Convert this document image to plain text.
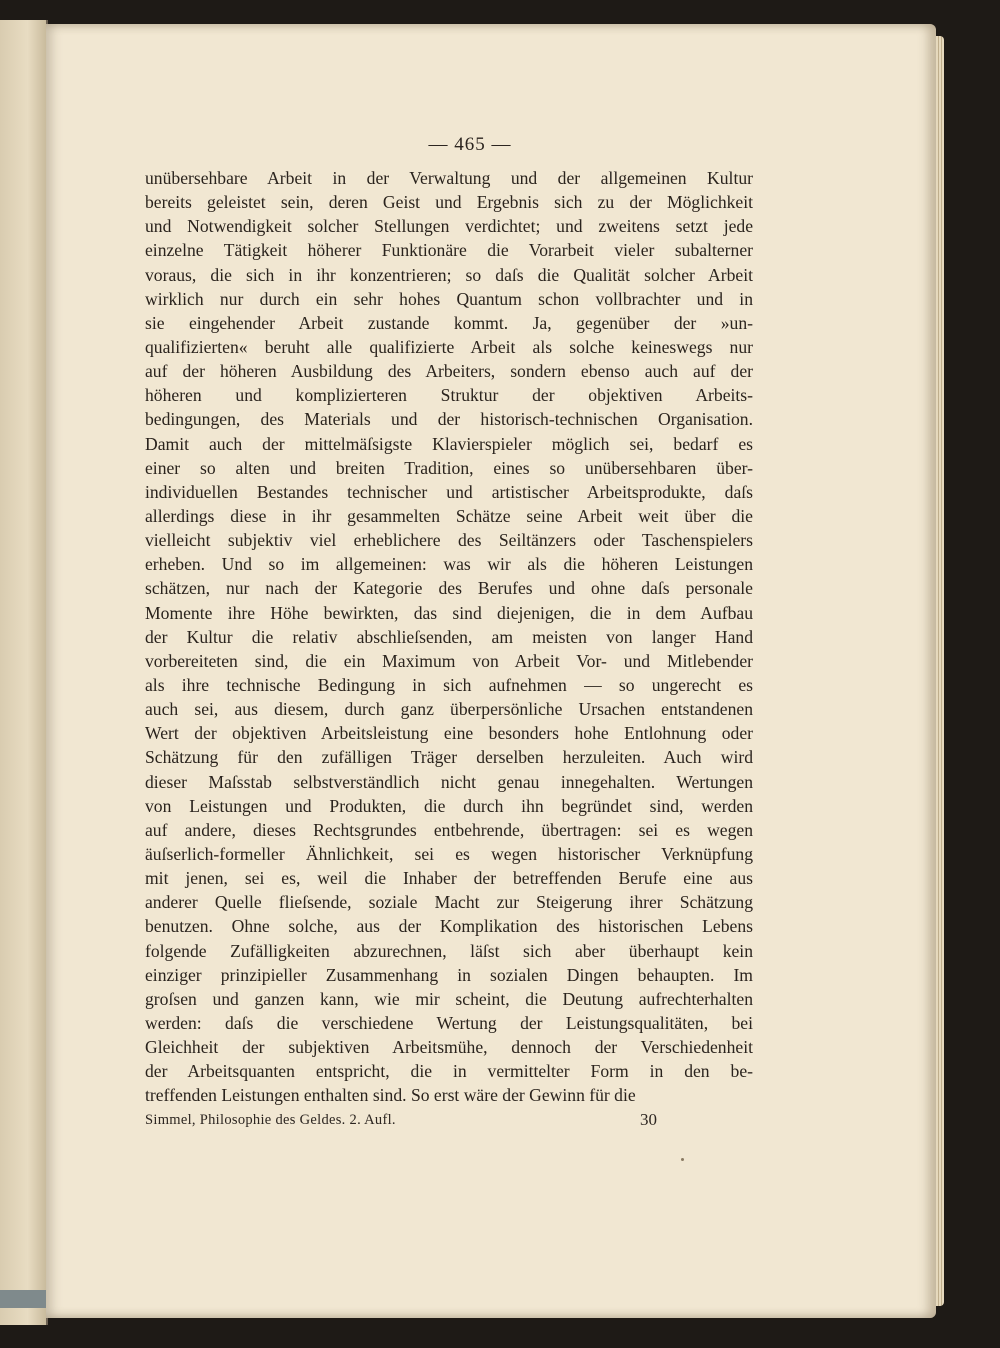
— 465 —
unübersehbare Arbeit in der Verwaltung und der allgemeinen Kultur
bereits geleistet sein, deren Geist und Ergebnis sich zu der Möglichkeit
und Notwendigkeit solcher Stellungen verdichtet; und zweitens setzt jede
einzelne Tätigkeit höherer Funktionäre die Vorarbeit vieler subalterner
voraus, die sich in ihr konzentrieren; so daſs die Qualität solcher Arbeit
wirklich nur durch ein sehr hohes Quantum schon vollbrachter und in
sie eingehender Arbeit zustande kommt. Ja, gegenüber der »un-
qualifizierten« beruht alle qualifizierte Arbeit als solche keineswegs nur
auf der höheren Ausbildung des Arbeiters, sondern ebenso auch auf der
höheren und komplizierteren Struktur der objektiven Arbeits-
bedingungen, des Materials und der historisch-technischen Organisation.
Damit auch der mittelmäſsigste Klavierspieler möglich sei, bedarf es
einer so alten und breiten Tradition, eines so unübersehbaren über-
individuellen Bestandes technischer und artistischer Arbeitsprodukte, daſs
allerdings diese in ihr gesammelten Schätze seine Arbeit weit über die
vielleicht subjektiv viel erheblichere des Seiltänzers oder Taschenspielers
erheben. Und so im allgemeinen: was wir als die höheren Leistungen
schätzen, nur nach der Kategorie des Berufes und ohne daſs personale
Momente ihre Höhe bewirkten, das sind diejenigen, die in dem Aufbau
der Kultur die relativ abschlieſsenden, am meisten von langer Hand
vorbereiteten sind, die ein Maximum von Arbeit Vor- und Mitlebender
als ihre technische Bedingung in sich aufnehmen — so ungerecht es
auch sei, aus diesem, durch ganz überpersönliche Ursachen entstandenen
Wert der objektiven Arbeitsleistung eine besonders hohe Entlohnung oder
Schätzung für den zufälligen Träger derselben herzuleiten. Auch wird
dieser Maſsstab selbstverständlich nicht genau innegehalten. Wertungen
von Leistungen und Produkten, die durch ihn begründet sind, werden
auf andere, dieses Rechtsgrundes entbehrende, übertragen: sei es wegen
äuſserlich-formeller Ähnlichkeit, sei es wegen historischer Verknüpfung
mit jenen, sei es, weil die Inhaber der betreffenden Berufe eine aus
anderer Quelle flieſsende, soziale Macht zur Steigerung ihrer Schätzung
benutzen. Ohne solche, aus der Komplikation des historischen Lebens
folgende Zufälligkeiten abzurechnen, läſst sich aber überhaupt kein
einziger prinzipieller Zusammenhang in sozialen Dingen behaupten. Im
groſsen und ganzen kann, wie mir scheint, die Deutung aufrechterhalten
werden: daſs die verschiedene Wertung der Leistungsqualitäten, bei
Gleichheit der subjektiven Arbeitsmühe, dennoch der Verschiedenheit
der Arbeitsquanten entspricht, die in vermittelter Form in den be-
treffenden Leistungen enthalten sind. So erst wäre der Gewinn für die
Simmel, Philosophie des Geldes. 2. Aufl.	30
